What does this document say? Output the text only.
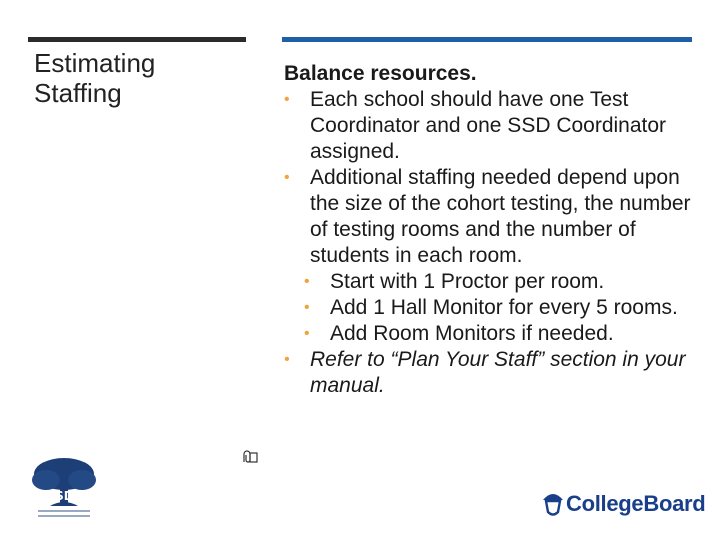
Estimating Staffing

Balance resources.

• Each school should have one Test Coordinator and one SSD Coordinator assigned.
• Additional staffing needed depend upon the size of the cohort testing, the number of testing rooms and the number of students in each room.
• Start with 1 Proctor per room.
• Add 1 Hall Monitor for every 5 rooms.
• Add Room Monitors if needed.
• Refer to “Plan Your Staff” section in your manual.
CSDE	CollegeBoard
